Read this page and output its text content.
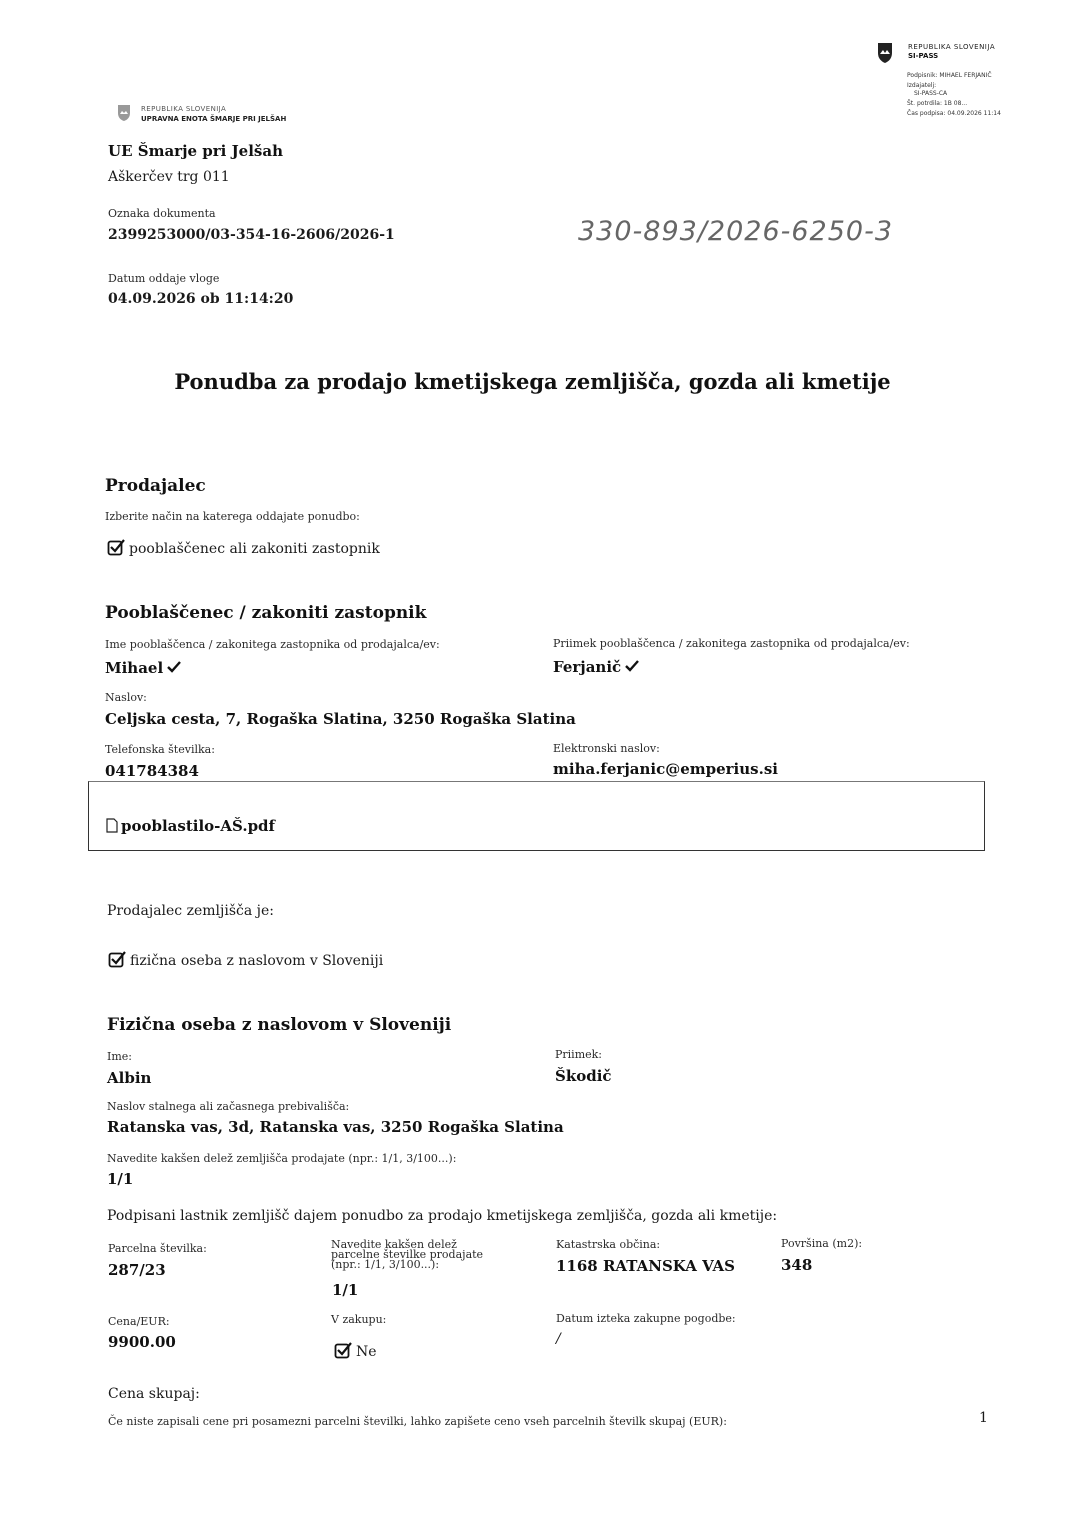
REPUBLIKA SLOVENIJA
SI-PASS
Podpisnik: MIHAEL FERJANIČ
Izdajatelj:
SI-PASS-CA
Št. potrdila: 1B 08...
Čas podpisa: 04.09.2026 11:14
REPUBLIKA SLOVENIJA
UPRAVNA ENOTA ŠMARJE PRI JELŠAH
UE Šmarje pri Jelšah
Aškerčev trg 011
Oznaka dokumenta
2399253000/03-354-16-2606/2026-1	330-893/2026-6250-3
Datum oddaje vloge
04.09.2026 ob 11:14:20
Ponudba za prodajo kmetijskega zemljišča, gozda ali kmetije
Prodajalec
Izberite način na katerega oddajate ponudbo:
pooblaščenec ali zakoniti zastopnik
Pooblaščenec / zakoniti zastopnik
Ime pooblaščenca / zakonitega zastopnika od prodajalca/ev:
Mihael
Priimek pooblaščenca / zakonitega zastopnika od prodajalca/ev:
Ferjanič
Naslov:
Celjska cesta, 7, Rogaška Slatina, 3250 Rogaška Slatina
Telefonska številka:
041784384
Elektronski naslov:
miha.ferjanic@emperius.si
pooblastilo-AŠ.pdf
Prodajalec zemljišča je:
fizična oseba z naslovom v Sloveniji
Fizična oseba z naslovom v Sloveniji
Ime:
Albin
Priimek:
Škodič
Naslov stalnega ali začasnega prebivališča:
Ratanska vas, 3d, Ratanska vas, 3250 Rogaška Slatina
Navedite kakšen delež zemljišča prodajate (npr.: 1/1, 3/100...):
1/1
Podpisani lastnik zemljišč dajem ponudbo za prodajo kmetijskega zemljišča, gozda ali kmetije:
Parcelna številka:
287/23
Navedite kakšen delež parcelne številke prodajate (npr.: 1/1, 3/100...):
1/1
Katastrska občina:
1168 RATANSKA VAS
Površina (m2):
348
Cena/EUR:
9900.00
V zakupu:
Ne
Datum izteka zakupne pogodbe:
/
Cena skupaj:
Če niste zapisali cene pri posamezni parcelni številki, lahko zapišete ceno vseh parcelnih številk skupaj (EUR):	1
